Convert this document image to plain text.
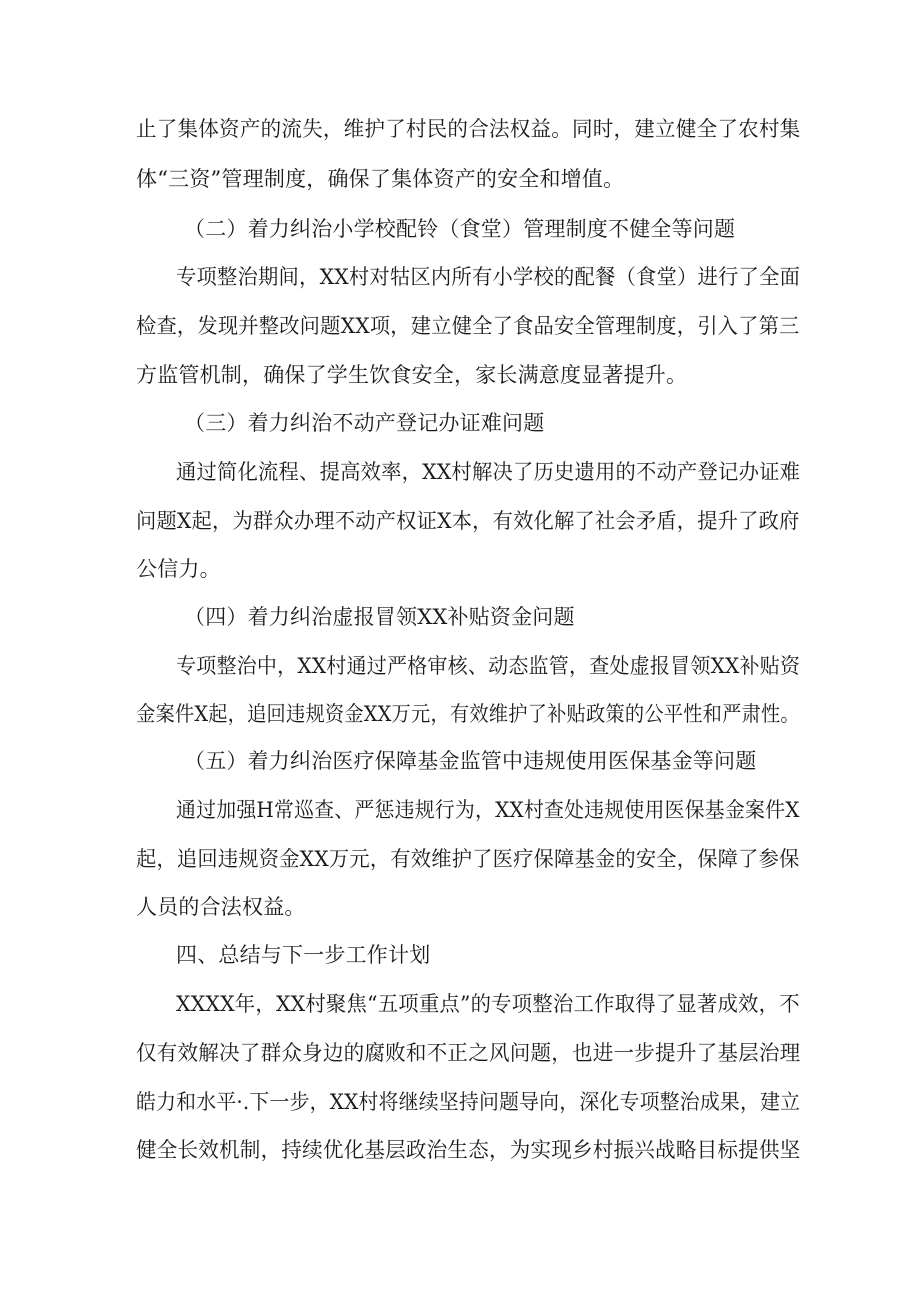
止了集体资产的流失，维护了村民的合法权益。同时，建立健全了农村集
体“三资”管理制度，确保了集体资产的安全和增值。
（二）着力纠治小学校配铃（食堂）管理制度不健全等问题
专项整治期间，XX村对牯区内所有小学校的配餐（食堂）进行了全面
检查，发现并整改问题XX项，建立健全了食品安全管理制度，引入了第三
方监管机制，确保了学生饮食安全，家长满意度显著提升。
（三）着力纠治不动产登记办证难问题
通过简化流程、提高效率，XX村解决了历史遗用的不动产登记办证难
问题X起，为群众办理不动产权证X本，有效化解了社会矛盾，提升了政府
公信力。
（四）着力纠治虚报冒领XX补贴资金问题
专项整治中，XX村通过严格审核、动态监管，查处虚报冒领XX补贴资
金案件X起，追回违规资金XX万元，有效维护了补贴政策的公平性和严肃性。
（五）着力纠治医疗保障基金监管中违规使用医保基金等问题
通过加强H常巡查、严惩违规行为，XX村查处违规使用医保基金案件X
起，追回违规资金XX万元，有效维护了医疗保障基金的安全，保障了参保
人员的合法权益。
四、总结与下一步工作计划
XXXX年，XX村聚焦“五项重点”的专项整治工作取得了显著成效，不
仅有效解决了群众身边的腐败和不正之风问题，也进一步提升了基层治理
皓力和水平·.下一步，XX村将继续坚持问题导向，深化专项整治成果，建立
健全长效机制，持续优化基层政治生态，为实现乡村振兴战略目标提供坚
